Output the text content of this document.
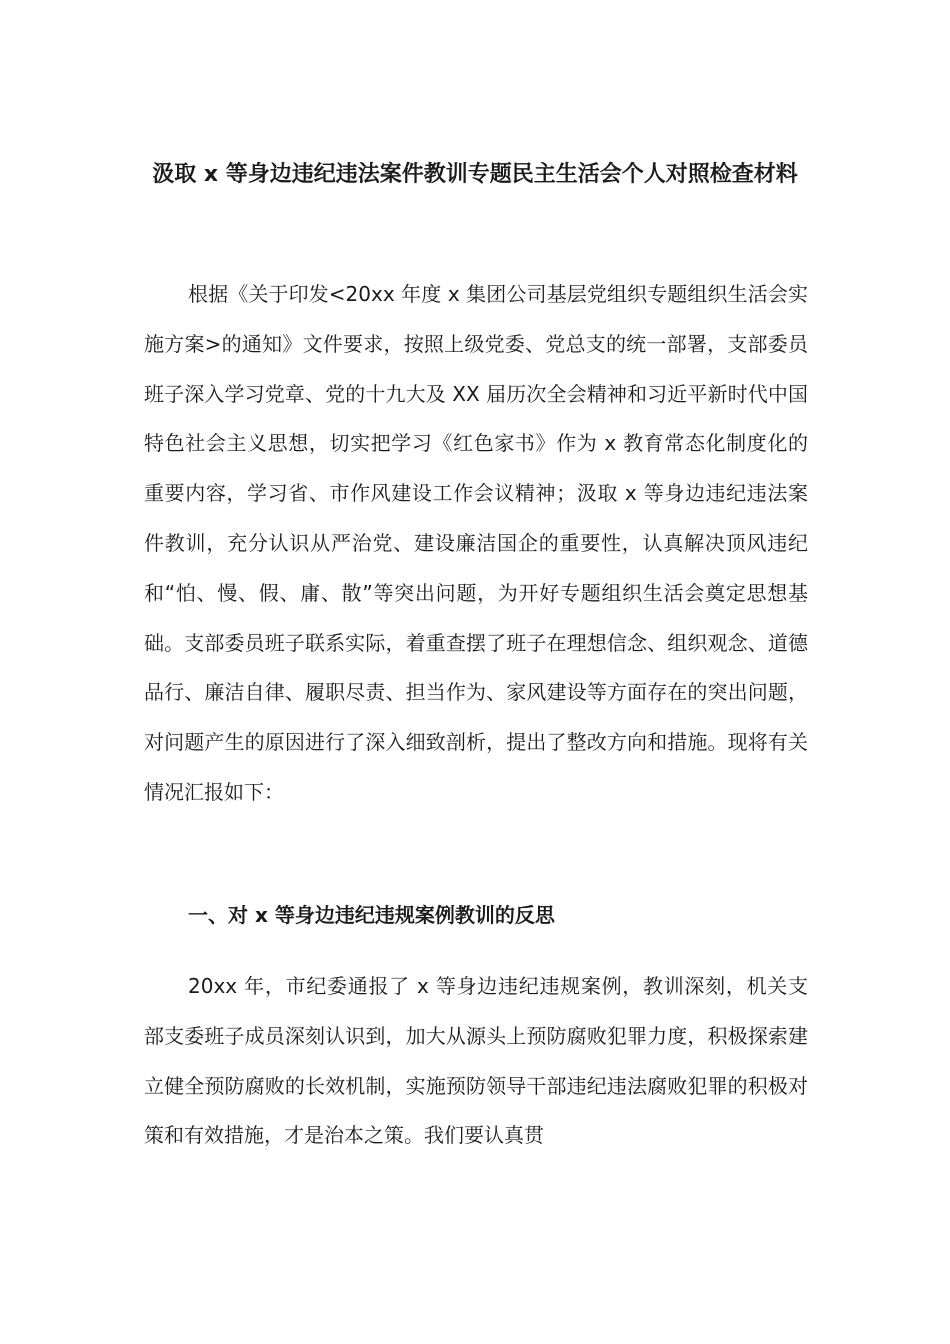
汲取 x 等身边违纪违法案件教训专题民主生活会个人对照检查材料

根据《关于印发<20xx 年度 x 集团公司基层党组织专题组织生活会实施方案>的通知》文件要求，按照上级党委、党总支的统一部署，支部委员班子深入学习党章、党的十九大及 XX 届历次全会精神和习近平新时代中国特色社会主义思想，切实把学习《红色家书》作为 x 教育常态化制度化的重要内容，学习省、市作风建设工作会议精神；汲取 x 等身边违纪违法案件教训，充分认识从严治党、建设廉洁国企的重要性，认真解决顶风违纪和“怕、慢、假、庸、散”等突出问题，为开好专题组织生活会奠定思想基础。支部委员班子联系实际，着重查摆了班子在理想信念、组织观念、道德品行、廉洁自律、履职尽责、担当作为、家风建设等方面存在的突出问题，对问题产生的原因进行了深入细致剖析，提出了整改方向和措施。现将有关情况汇报如下：

一、对 x 等身边违纪违规案例教训的反思

20xx 年，市纪委通报了 x 等身边违纪违规案例，教训深刻，机关支部支委班子成员深刻认识到，加大从源头上预防腐败犯罪力度，积极探索建立健全预防腐败的长效机制，实施预防领导干部违纪违法腐败犯罪的积极对策和有效措施，才是治本之策。我们要认真贯
